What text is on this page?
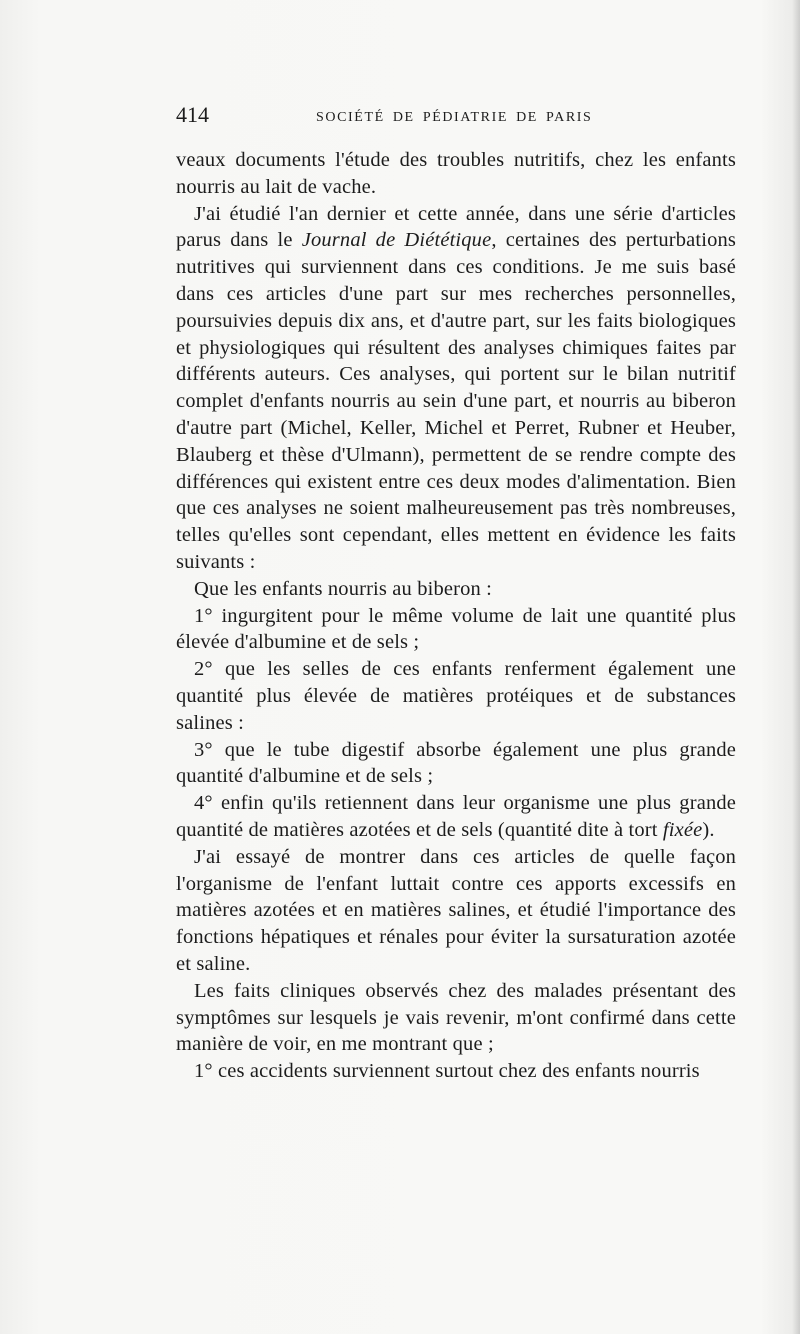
414	SOCIÉTÉ DE PÉDIATRIE DE PARIS

veaux documents l'étude des troubles nutritifs, chez les enfants nourris au lait de vache.

J'ai étudié l'an dernier et cette année, dans une série d'articles parus dans le Journal de Diététique, certaines des perturbations nutritives qui surviennent dans ces conditions. Je me suis basé dans ces articles d'une part sur mes recherches personnelles, poursuivies depuis dix ans, et d'autre part, sur les faits biologiques et physiologiques qui résultent des analyses chimiques faites par différents auteurs. Ces analyses, qui portent sur le bilan nutritif complet d'enfants nourris au sein d'une part, et nourris au biberon d'autre part (Michel, Keller, Michel et Perret, Rubner et Heuber, Blauberg et thèse d'Ulmann), permettent de se rendre compte des différences qui existent entre ces deux modes d'alimentation. Bien que ces analyses ne soient malheureusement pas très nombreuses, telles qu'elles sont cependant, elles mettent en évidence les faits suivants :

Que les enfants nourris au biberon :

1° ingurgitent pour le même volume de lait une quantité plus élevée d'albumine et de sels ;

2° que les selles de ces enfants renferment également une quantité plus élevée de matières protéiques et de substances salines :

3° que le tube digestif absorbe également une plus grande quantité d'albumine et de sels ;

4° enfin qu'ils retiennent dans leur organisme une plus grande quantité de matières azotées et de sels (quantité dite à tort fixée).

J'ai essayé de montrer dans ces articles de quelle façon l'organisme de l'enfant luttait contre ces apports excessifs en matières azotées et en matières salines, et étudié l'importance des fonctions hépatiques et rénales pour éviter la sursaturation azotée et saline.

Les faits cliniques observés chez des malades présentant des symptômes sur lesquels je vais revenir, m'ont confirmé dans cette manière de voir, en me montrant que ;

1° ces accidents surviennent surtout chez des enfants nourris
